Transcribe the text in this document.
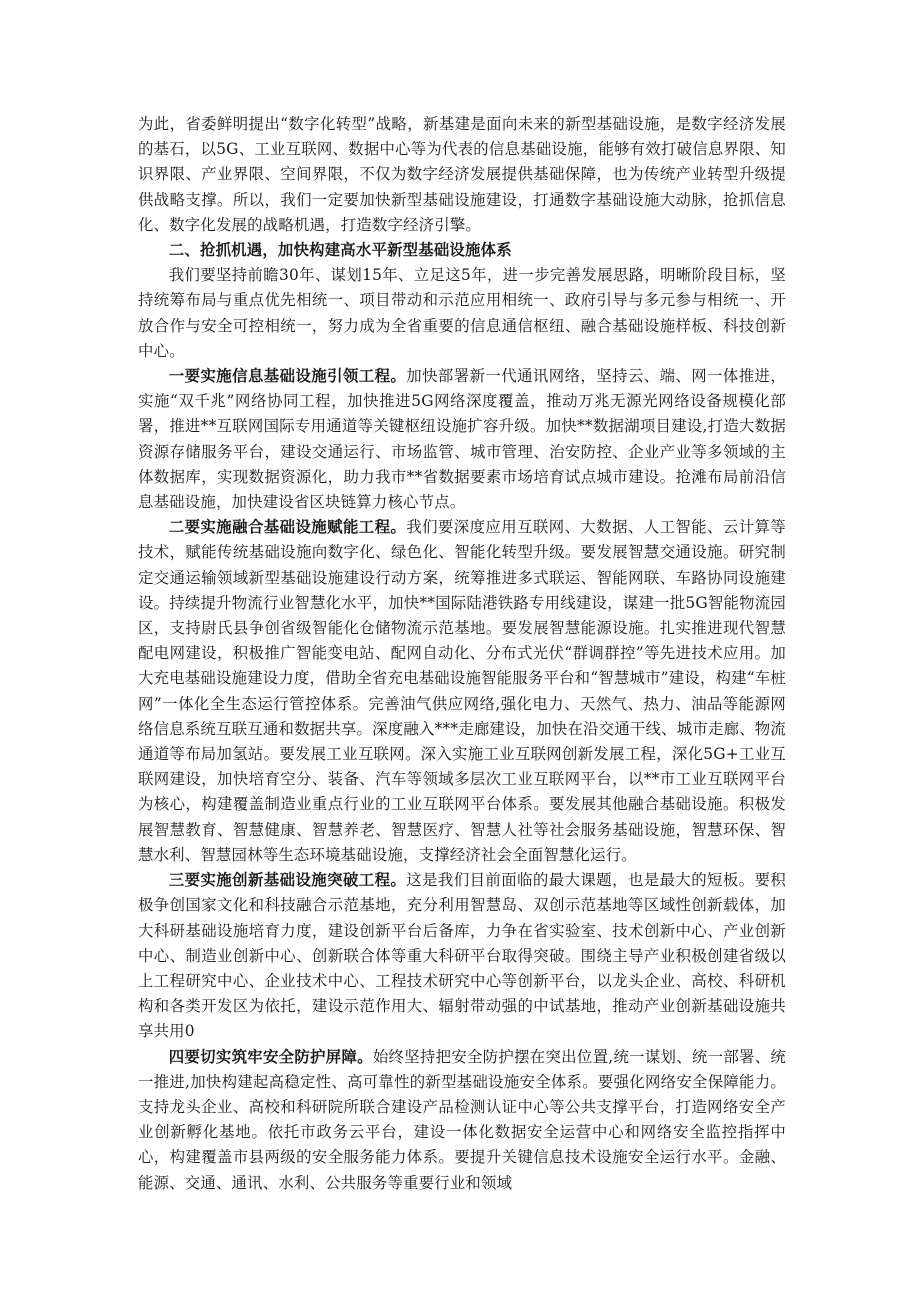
为此，省委鲜明提出“数字化转型”战略，新基建是面向未来的新型基础设施，是数字经济发展的基石，以5G、工业互联网、数据中心等为代表的信息基础设施，能够有效打破信息界限、知识界限、产业界限、空间界限，不仅为数字经济发展提供基础保障，也为传统产业转型升级提供战略支撑。所以，我们一定要加快新型基础设施建设，打通数字基础设施大动脉，抢抓信息化、数字化发展的战略机遇，打造数字经济引擎。

二、抢抓机遇，加快构建高水平新型基础设施体系

我们要坚持前瞻30年、谋划15年、立足这5年，进一步完善发展思路，明晰阶段目标，坚持统筹布局与重点优先相统一、项目带动和示范应用相统一、政府引导与多元参与相统一、开放合作与安全可控相统一，努力成为全省重要的信息通信枢纽、融合基础设施样板、科技创新中心。

一要实施信息基础设施引领工程。加快部署新一代通讯网络，坚持云、端、网一体推进，实施“双千兆”网络协同工程，加快推进5G网络深度覆盖，推动万兆无源光网络设备规模化部署，推进**互联网国际专用通道等关键枢纽设施扩容升级。加快**数据湖项目建设,打造大数据资源存储服务平台，建设交通运行、市场监管、城市管理、治安防控、企业产业等多领域的主体数据库，实现数据资源化，助力我市**省数据要素市场培育试点城市建设。抢滩布局前沿信息基础设施，加快建设省区块链算力核心节点。

二要实施融合基础设施赋能工程。我们要深度应用互联网、大数据、人工智能、云计算等技术，赋能传统基础设施向数字化、绿色化、智能化转型升级。要发展智慧交通设施。研究制定交通运输领域新型基础设施建设行动方案，统筹推进多式联运、智能网联、车路协同设施建设。持续提升物流行业智慧化水平，加快**国际陆港铁路专用线建设，谋建一批5G智能物流园区，支持尉氏县争创省级智能化仓储物流示范基地。要发展智慧能源设施。扎实推进现代智慧配电网建设，积极推广智能变电站、配网自动化、分布式光伏“群调群控”等先进技术应用。加大充电基础设施建设力度，借助全省充电基础设施智能服务平台和“智慧城市”建设，构建“车桩网”一体化全生态运行管控体系。完善油气供应网络,强化电力、天然气、热力、油品等能源网络信息系统互联互通和数据共享。深度融入***走廊建设，加快在沿交通干线、城市走廊、物流通道等布局加氢站。要发展工业互联网。深入实施工业互联网创新发展工程，深化5G+工业互联网建设，加快培育空分、装备、汽车等领域多层次工业互联网平台，以**市工业互联网平台为核心，构建覆盖制造业重点行业的工业互联网平台体系。要发展其他融合基础设施。积极发展智慧教育、智慧健康、智慧养老、智慧医疗、智慧人社等社会服务基础设施，智慧环保、智慧水利、智慧园林等生态环境基础设施，支撑经济社会全面智慧化运行。

三要实施创新基础设施突破工程。这是我们目前面临的最大课题，也是最大的短板。要积极争创国家文化和科技融合示范基地，充分利用智慧岛、双创示范基地等区域性创新载体，加大科研基础设施培育力度，建设创新平台后备库，力争在省实验室、技术创新中心、产业创新中心、制造业创新中心、创新联合体等重大科研平台取得突破。围绕主导产业积极创建省级以上工程研究中心、企业技术中心、工程技术研究中心等创新平台，以龙头企业、高校、科研机构和各类开发区为依托，建设示范作用大、辐射带动强的中试基地，推动产业创新基础设施共享共用0

四要切实筑牢安全防护屏障。始终坚持把安全防护摆在突出位置,统一谋划、统一部署、统一推进,加快构建起高稳定性、高可靠性的新型基础设施安全体系。要强化网络安全保障能力。支持龙头企业、高校和科研院所联合建设产品检测认证中心等公共支撑平台，打造网络安全产业创新孵化基地。依托市政务云平台，建设一体化数据安全运营中心和网络安全监控指挥中心，构建覆盖市县两级的安全服务能力体系。要提升关键信息技术设施安全运行水平。金融、能源、交通、通讯、水利、公共服务等重要行业和领域
